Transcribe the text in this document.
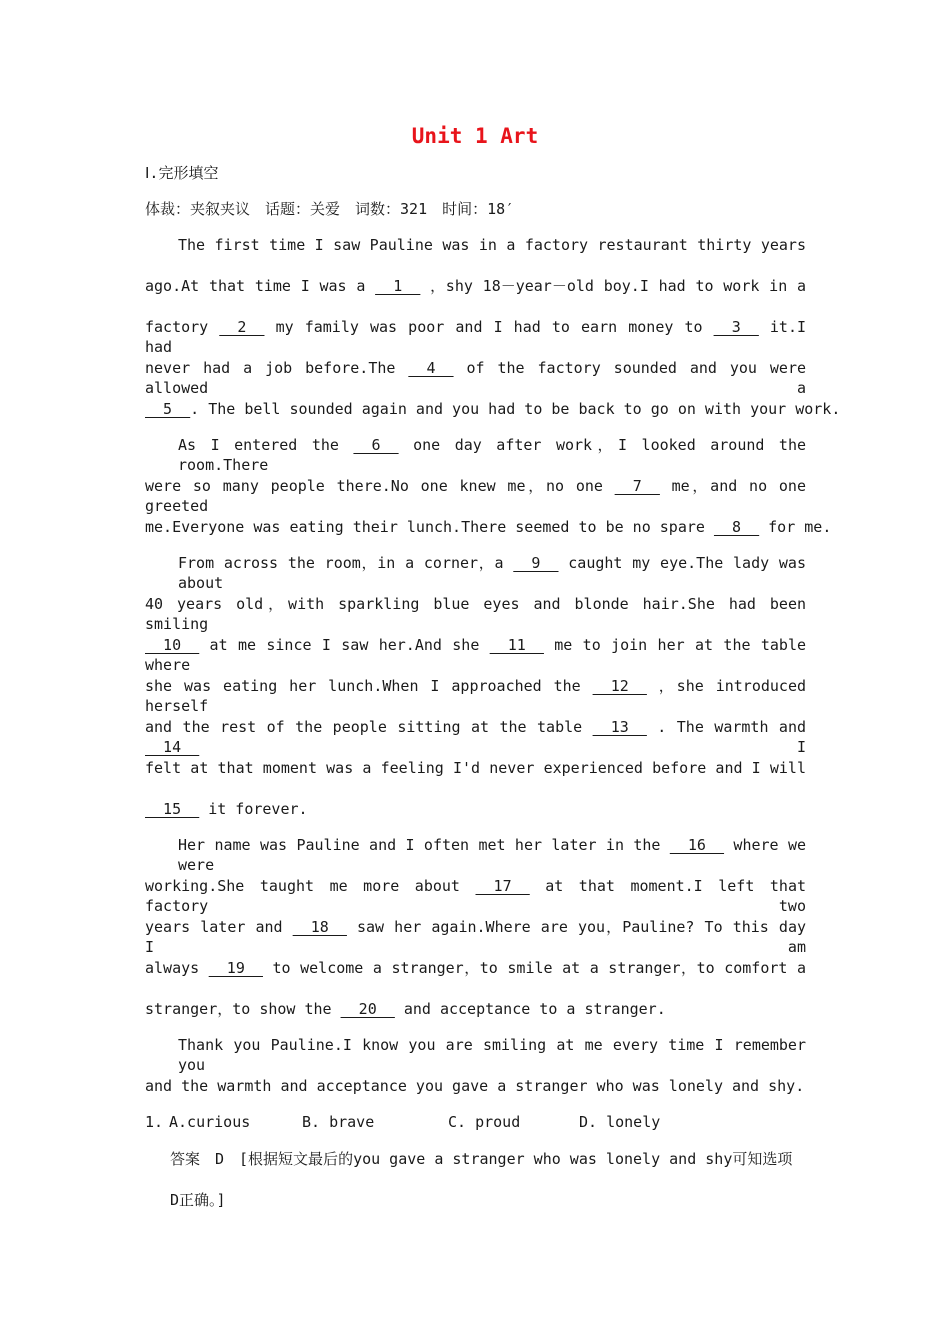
Unit 1 Art
Ⅰ.完形填空
体裁：夹叙夹议　话题：关爱　词数：321　时间：18′
The first time I saw Pauline was in a factory restaurant thirty years
ago.At that time I was a __1__ ，shy 18－year－old boy.I had to work in a
factory __2__ my family was poor and I had to earn money to __3__ it.I had
never had a job before.The __4__ of the factory sounded and you were allowed a
__5__. The bell sounded again and you had to be back to go on with your work.
As I entered the __6__ one day after work，I looked around the room.There
were so many people there.No one knew me，no one __7__ me，and no one greeted
me.Everyone was eating their lunch.There seemed to be no spare __8__ for me.
From across the room，in a corner，a __9__ caught my eye.The lady was about
40 years old，with sparkling blue eyes and blonde hair.She had been smiling
__10__ at me since I saw her.And she __11__ me to join her at the table where
she was eating her lunch.When I approached the __12__ ，she introduced herself
and the rest of the people sitting at the table __13__ . The warmth and __14__	I
felt at that moment was a feeling I'd never experienced before and I will
__15__ it forever.
Her name was Pauline and I often met her later in the __16__ where we were
working.She taught me more about __17__ at that moment.I left that factory two
years later and __18__ saw her again.Where are you，Pauline? To this day I am
always __19__ to welcome a stranger，to smile at a stranger，to comfort a
stranger，to show the __20__ and acceptance to a stranger.
Thank you Pauline.I know you are smiling at me every time I remember you
and the warmth and acceptance you gave a stranger who was lonely and shy.
1. A.curious	B. brave	C. proud	D. lonely
答案　D　[根据短文最后的you gave a stranger who was lonely and shy可知选项
D正确。]
